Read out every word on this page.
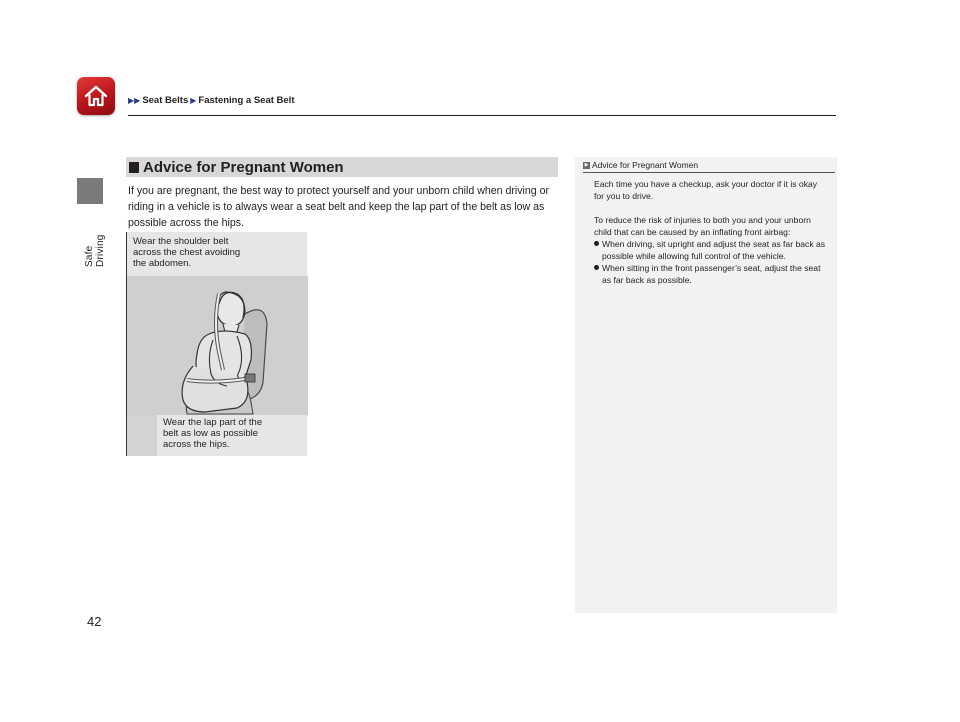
▶▶ Seat Belts ▶ Fastening a Seat Belt
Safe Driving
42
Advice for Pregnant Women
If you are pregnant, the best way to protect yourself and your unborn child when driving or riding in a vehicle is to always wear a seat belt and keep the lap part of the belt as low as possible across the hips.
Wear the shoulder belt
across the chest avoiding
the abdomen.
Wear the lap part of the
belt as low as possible
across the hips.
▶ Advice for Pregnant Women

Each time you have a checkup, ask your doctor if it is okay for you to drive.

To reduce the risk of injuries to both you and your unborn child that can be caused by an inflating front airbag:

When driving, sit upright and adjust the seat as far back as possible while allowing full control of the vehicle.
When sitting in the front passenger’s seat, adjust the seat as far back as possible.
